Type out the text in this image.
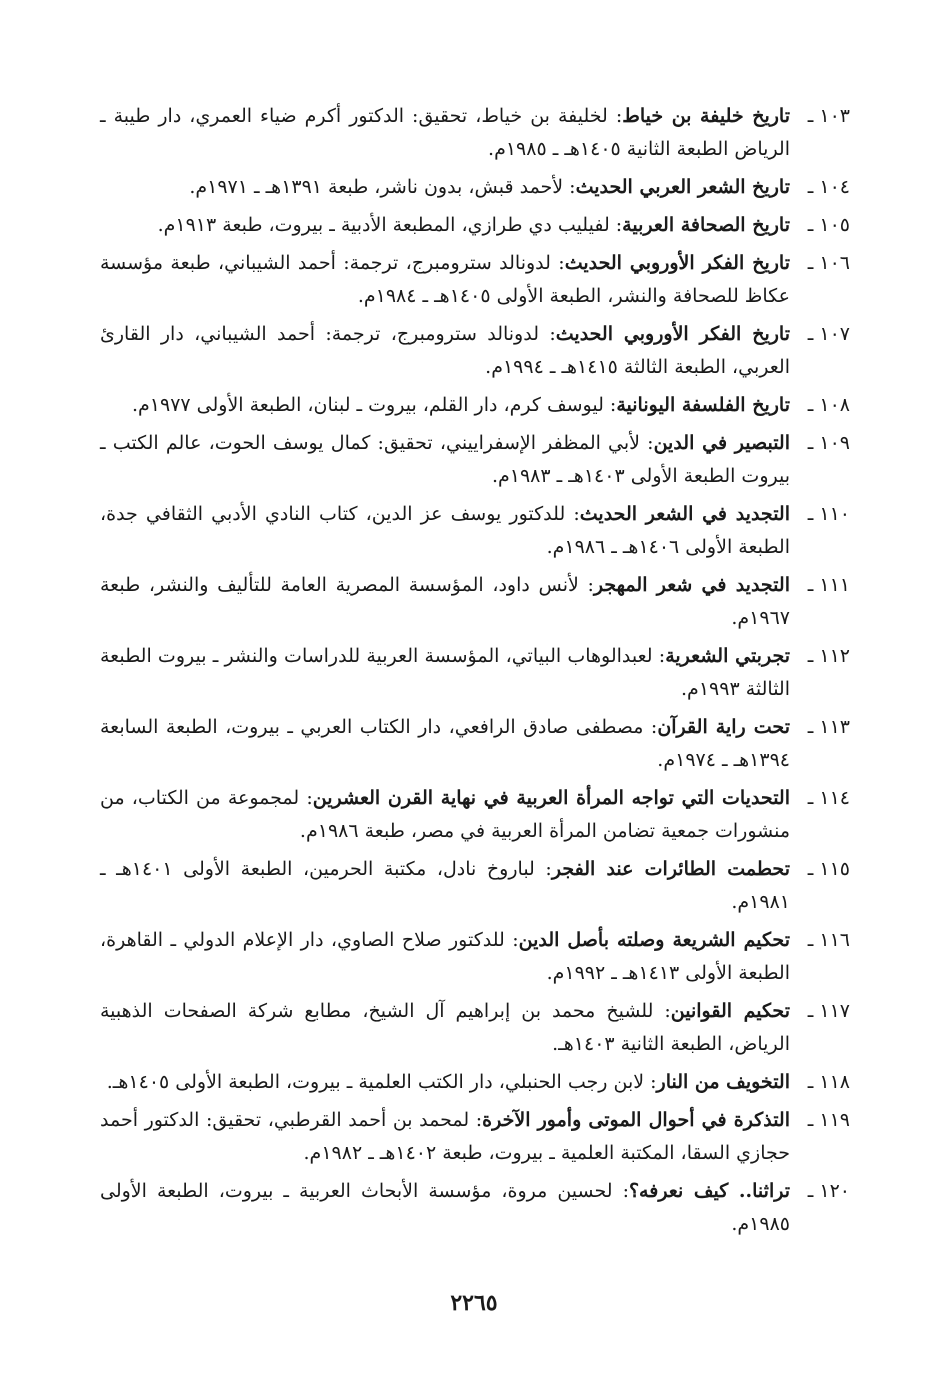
١٠٣ ـ
تاريخ خليفة بن خياط: لخليفة بن خياط، تحقيق: الدكتور أكرم ضياء العمري، دار طيبة ـ الرياض الطبعة الثانية ١٤٠٥هـ ـ ١٩٨٥م.
١٠٤ ـ
تاريخ الشعر العربي الحديث: لأحمد قبش، بدون ناشر، طبعة ١٣٩١هـ ـ ١٩٧١م.
١٠٥ ـ
تاريخ الصحافة العربية: لفيليب دي طرازي، المطبعة الأدبية ـ بيروت، طبعة ١٩١٣م.
١٠٦ ـ
تاريخ الفكر الأوروبي الحديث: لدونالد سترومبرج، ترجمة: أحمد الشيباني، طبعة مؤسسة عكاظ للصحافة والنشر، الطبعة الأولى ١٤٠٥هـ ـ ١٩٨٤م.
١٠٧ ـ
تاريخ الفكر الأوروبي الحديث: لدونالد سترومبرج، ترجمة: أحمد الشيباني، دار القارئ العربي، الطبعة الثالثة ١٤١٥هـ ـ ١٩٩٤م.
١٠٨ ـ
تاريخ الفلسفة اليونانية: ليوسف كرم، دار القلم، بيروت ـ لبنان، الطبعة الأولى ١٩٧٧م.
١٠٩ ـ
التبصير في الدين: لأبي المظفر الإسفراييني، تحقيق: كمال يوسف الحوت، عالم الكتب ـ بيروت الطبعة الأولى ١٤٠٣هـ ـ ١٩٨٣م.
١١٠ ـ
التجديد في الشعر الحديث: للدكتور يوسف عز الدين، كتاب النادي الأدبي الثقافي جدة، الطبعة الأولى ١٤٠٦هـ ـ ١٩٨٦م.
١١١ ـ
التجديد في شعر المهجر: لأنس داود، المؤسسة المصرية العامة للتأليف والنشر، طبعة ١٩٦٧م.
١١٢ ـ
تجربتي الشعرية: لعبدالوهاب البياتي، المؤسسة العربية للدراسات والنشر ـ بيروت الطبعة الثالثة ١٩٩٣م.
١١٣ ـ
تحت راية القرآن: مصطفى صادق الرافعي، دار الكتاب العربي ـ بيروت، الطبعة السابعة ١٣٩٤هـ ـ ١٩٧٤م.
١١٤ ـ
التحديات التي تواجه المرأة العربية في نهاية القرن العشرين: لمجموعة من الكتاب، من منشورات جمعية تضامن المرأة العربية في مصر، طبعة ١٩٨٦م.
١١٥ ـ
تحطمت الطائرات عند الفجر: لباروخ نادل، مكتبة الحرمين، الطبعة الأولى ١٤٠١هـ ـ ١٩٨١م.
١١٦ ـ
تحكيم الشريعة وصلته بأصل الدين: للدكتور صلاح الصاوي، دار الإعلام الدولي ـ القاهرة، الطبعة الأولى ١٤١٣هـ ـ ١٩٩٢م.
١١٧ ـ
تحكيم القوانين: للشيخ محمد بن إبراهيم آل الشيخ، مطابع شركة الصفحات الذهبية الرياض، الطبعة الثانية ١٤٠٣هـ.
١١٨ ـ
التخويف من النار: لابن رجب الحنبلي، دار الكتب العلمية ـ بيروت، الطبعة الأولى ١٤٠٥هـ.
١١٩ ـ
التذكرة في أحوال الموتى وأمور الآخرة: لمحمد بن أحمد القرطبي، تحقيق: الدكتور أحمد حجازي السقا، المكتبة العلمية ـ بيروت، طبعة ١٤٠٢هـ ـ ١٩٨٢م.
١٢٠ ـ
تراثنا.. كيف نعرفه؟: لحسين مروة، مؤسسة الأبحاث العربية ـ بيروت، الطبعة الأولى ١٩٨٥م.
٢٢٦٥
